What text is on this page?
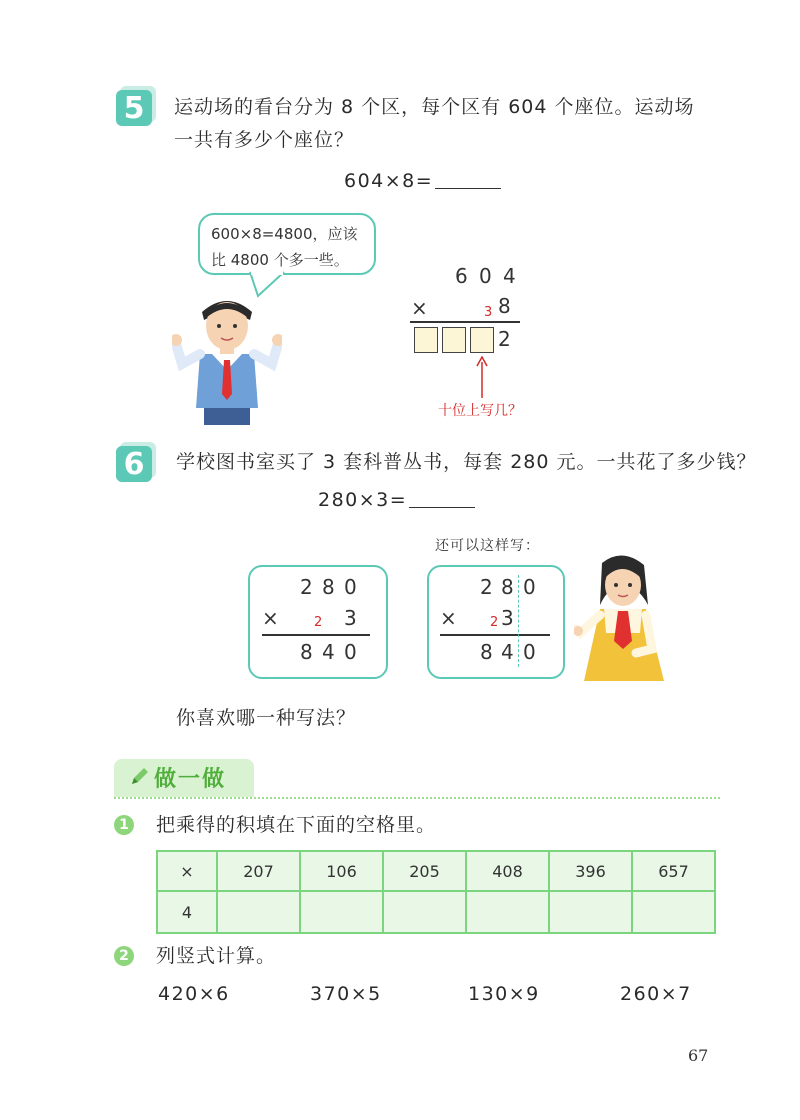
5	运动场的看台分为 8 个区，每个区有 604 个座位。运动场
一共有多少个座位？
604×8=
600×8=4800，应该
比 4800 个多一些。
6 0 4
×	3 8
2
十位上写几？
6	学校图书室买了 3 套科普丛书，每套 280 元。一共花了多少钱？
280×3=
还可以这样写：
2 8 0
×	2 3
8 4 0
2 8 0
×	2 3
8 4 0
你喜欢哪一种写法？
做一做
1 把乘得的积填在下面的空格里。
×	207	106	205	408	396	657
4						
2 列竖式计算。
420×6	370×5	130×9	260×7
67
